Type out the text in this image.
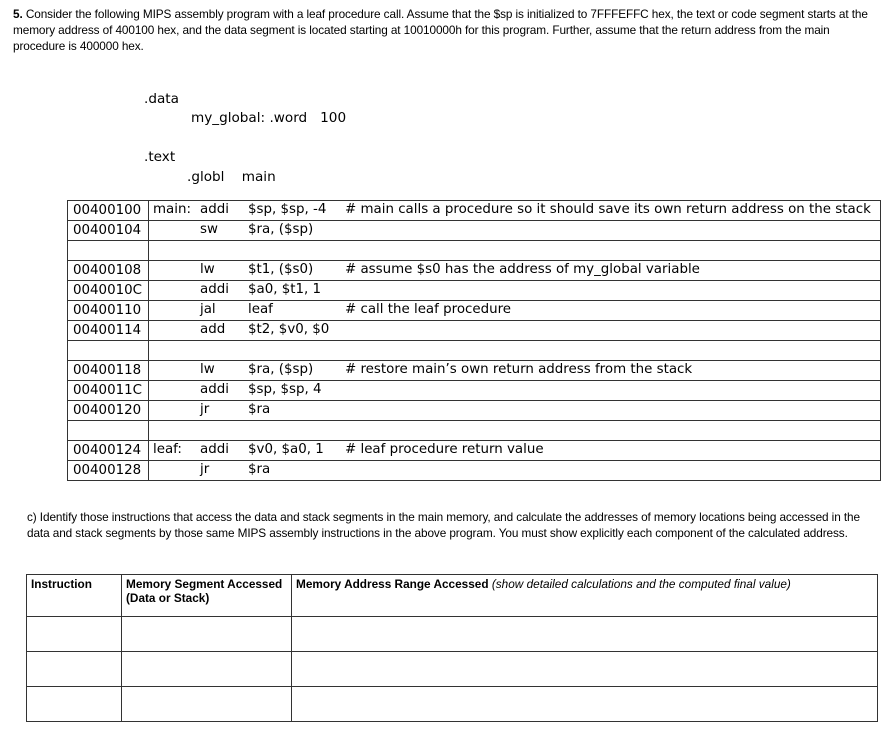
5. Consider the following MIPS assembly program with a leaf procedure call. Assume that the $sp is initialized to 7FFFEFFC hex, the text or code segment starts at the memory address of 400100 hex, and the data segment is located starting at 10010000h for this program. Further, assume that the return address from the main procedure is 400000 hex.
.data
my_global: .word   100
.text
.globl    main
00400100	main: addi $sp, $sp, -4 # main calls a procedure so it should save its own return address on the stack

00400104	sw $ra, ($sp)

00400108	lw $t1, ($s0) # assume $s0 has the address of my_global variable

0040010C	addi $a0, $t1, 1

00400110	jal leaf # call the leaf procedure

00400114	add $t2, $v0, $0

00400118	lw $ra, ($sp) # restore main’s own return address from the stack

0040011C	addi $sp, $sp, 4

00400120	jr $ra

00400124	leaf: addi $v0, $a0, 1 # leaf procedure return value

00400128	jr $ra
c) Identify those instructions that access the data and stack segments in the main memory, and calculate the addresses of memory locations being accessed in the data and stack segments by those same MIPS assembly instructions in the above program. You must show explicitly each component of the calculated address.
Instruction	Memory Segment Accessed (Data or Stack)	Memory Address Range Accessed (show detailed calculations and the computed final value)
